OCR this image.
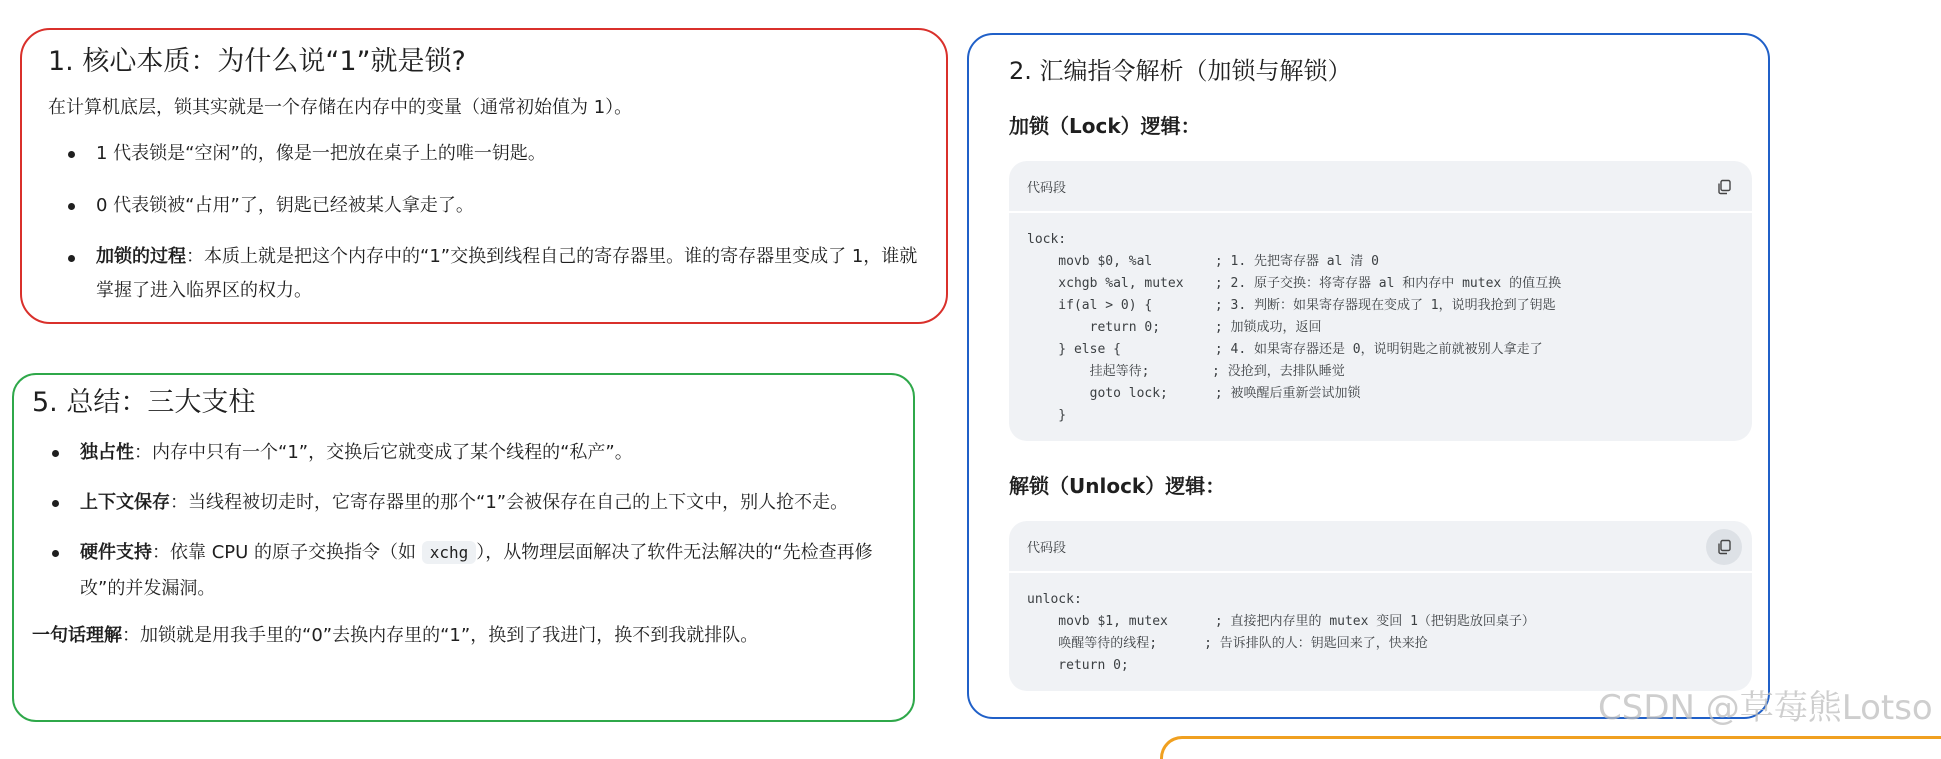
1. 核心本质：为什么说“1”就是锁?

在计算机底层，锁其实就是一个存储在内存中的变量（通常初始值为 1）。

1 代表锁是“空闲”的，像是一把放在桌子上的唯一钥匙。
0 代表锁被“占用”了，钥匙已经被某人拿走了。
加锁的过程：本质上就是把这个内存中的“1”交换到线程自己的寄存器里。谁的寄存器里变成了 1，谁就掌握了进入临界区的权力。
5. 总结：三大支柱
独占性：内存中只有一个“1”，交换后它就变成了某个线程的“私产”。
上下文保存：当线程被切走时，它寄存器里的那个“1”会被保存在自己的上下文中，别人抢不走。
硬件支持：依靠 CPU 的原子交换指令（如 xchg ），从物理层面解决了软件无法解决的“先检查再修改”的并发漏洞。

一句话理解：加锁就是用我手里的“0”去换内存里的“1”，换到了我进门，换不到我就排队。

2. 汇编指令解析（加锁与解锁）
加锁（Lock）逻辑：
代码段
lock:
movb $0, %al        ; 1. 先把寄存器 al 清 0
xchgb %al, mutex    ; 2. 原子交换：将寄存器 al 和内存中 mutex 的值互换
if(al > 0) {        ; 3. 判断：如果寄存器现在变成了 1，说明我抢到了钥匙
return 0;       ; 加锁成功，返回
} else {            ; 4. 如果寄存器还是 0，说明钥匙之前就被别人拿走了
挂起等待;        ; 没抢到，去排队睡觉
goto lock;      ; 被唤醒后重新尝试加锁
}
解锁（Unlock）逻辑：
代码段
unlock:
movb $1, mutex      ; 直接把内存里的 mutex 变回 1（把钥匙放回桌子）
唤醒等待的线程;      ; 告诉排队的人：钥匙回来了，快来抢
return 0;
CSDN @草莓熊Lotso
